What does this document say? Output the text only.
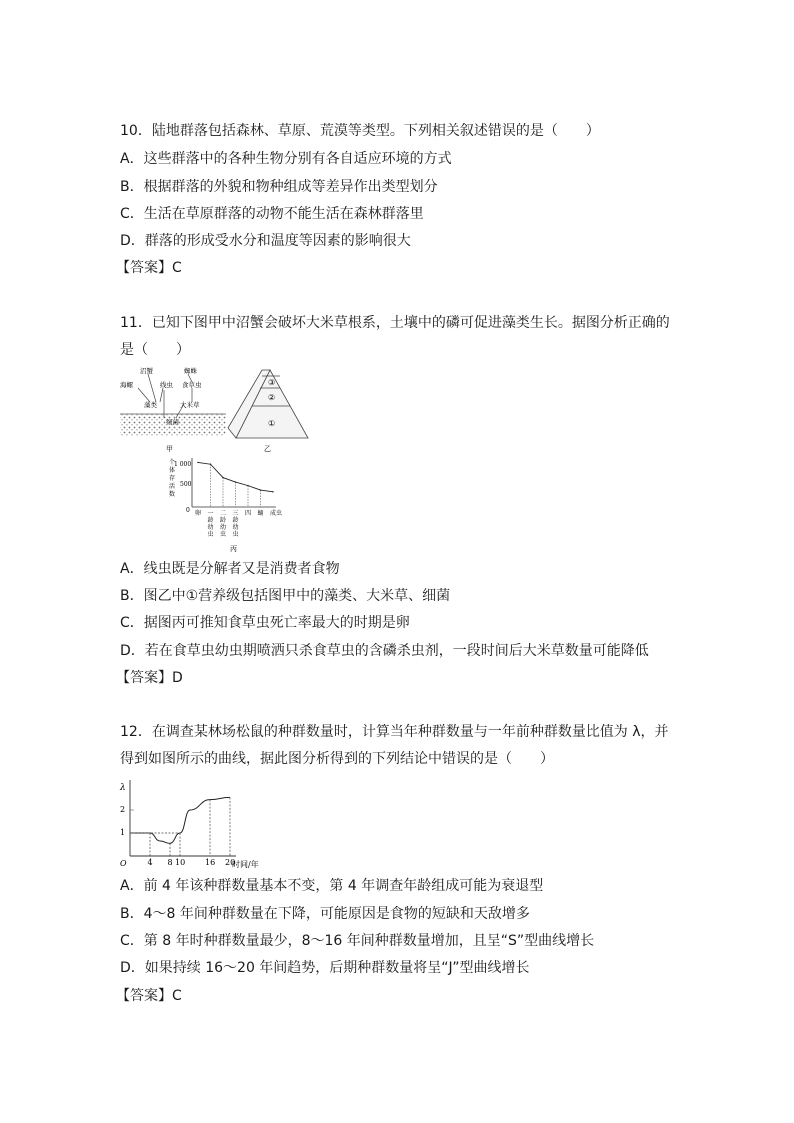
10．陆地群落包括森林、草原、荒漠等类型。下列相关叙述错误的是（　　）
A．这些群落中的各种生物分别有各自适应环境的方式
B．根据群落的外貌和物种组成等差异作出类型划分
C．生活在草原群落的动物不能生活在森林群落里
D．群落的形成受水分和温度等因素的影响很大
【答案】C
11．已知下图甲中沼蟹会破坏大米草根系，土壤中的磷可促进藻类生长。据图分析正确的
是（　　）
沼蟹	蜘蛛
海螺	线虫 食草虫
藻类	大米草
细菌
甲
③
②
①
乙
个
体
存
活
数
1 000
500
0 卵 一
龄
幼
虫
二
龄
幼
虫
三
龄
幼
虫
四 蛹 成虫
丙
A．线虫既是分解者又是消费者食物
B．图乙中①营养级包括图甲中的藻类、大米草、细菌
C．据图丙可推知食草虫死亡率最大的时期是卵
D．若在食草虫幼虫期喷洒只杀食草虫的含磷杀虫剂，一段时间后大米草数量可能降低
【答案】D
12．在调查某林场松鼠的种群数量时，计算当年种群数量与一年前种群数量比值为 λ，并
得到如图所示的曲线，据此图分析得到的下列结论中错误的是（　　）
λ
2
1
O	时间/年
4 8 10 16 20
A．前 4 年该种群数量基本不变，第 4 年调查年龄组成可能为衰退型
B．4～8 年间种群数量在下降，可能原因是食物的短缺和天敌增多
C．第 8 年时种群数量最少，8～16 年间种群数量增加，且呈“S”型曲线增长
D．如果持续 16～20 年间趋势，后期种群数量将呈“J”型曲线增长
【答案】C
